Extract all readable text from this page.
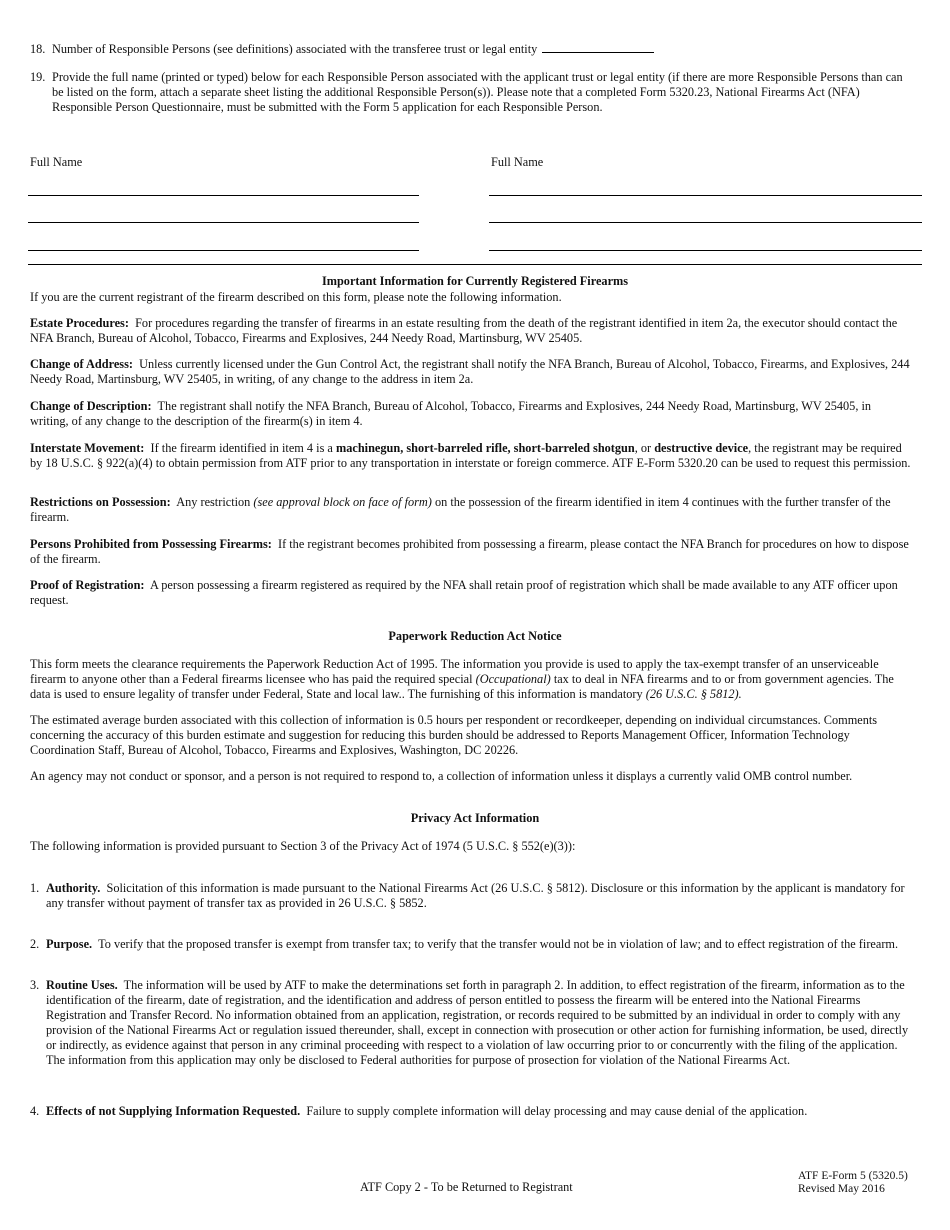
18. Number of Responsible Persons (see definitions) associated with the transferee trust or legal entity
19. Provide the full name (printed or typed) below for each Responsible Person associated with the applicant trust or legal entity (if there are more Responsible Persons than can be listed on the form, attach a separate sheet listing the additional Responsible Person(s)). Please note that a completed Form 5320.23, National Firearms Act (NFA) Responsible Person Questionnaire, must be submitted with the Form 5 application for each Responsible Person.
Full Name	Full Name
Important Information for Currently Registered Firearms
If you are the current registrant of the firearm described on this form, please note the following information.
Estate Procedures: For procedures regarding the transfer of firearms in an estate resulting from the death of the registrant identified in item 2a, the executor should contact the NFA Branch, Bureau of Alcohol, Tobacco, Firearms and Explosives, 244 Needy Road, Martinsburg, WV 25405.
Change of Address: Unless currently licensed under the Gun Control Act, the registrant shall notify the NFA Branch, Bureau of Alcohol, Tobacco, Firearms, and Explosives, 244 Needy Road, Martinsburg, WV 25405, in writing, of any change to the address in item 2a.
Change of Description: The registrant shall notify the NFA Branch, Bureau of Alcohol, Tobacco, Firearms and Explosives, 244 Needy Road, Martinsburg, WV 25405, in writing, of any change to the description of the firearm(s) in item 4.
Interstate Movement: If the firearm identified in item 4 is a machinegun, short-barreled rifle, short-barreled shotgun, or destructive device, the registrant may be required by 18 U.S.C. § 922(a)(4) to obtain permission from ATF prior to any transportation in interstate or foreign commerce. ATF E-Form 5320.20 can be used to request this permission.
Restrictions on Possession: Any restriction (see approval block on face of form) on the possession of the firearm identified in item 4 continues with the further transfer of the firearm.
Persons Prohibited from Possessing Firearms: If the registrant becomes prohibited from possessing a firearm, please contact the NFA Branch for procedures on how to dispose of the firearm.
Proof of Registration: A person possessing a firearm registered as required by the NFA shall retain proof of registration which shall be made available to any ATF officer upon request.
Paperwork Reduction Act Notice
This form meets the clearance requirements the Paperwork Reduction Act of 1995. The information you provide is used to apply the tax-exempt transfer of an unserviceable firearm to anyone other than a Federal firearms licensee who has paid the required special (Occupational) tax to deal in NFA firearms and to or from government agencies. The data is used to ensure legality of transfer under Federal, State and local law.. The furnishing of this information is mandatory (26 U.S.C. § 5812).
The estimated average burden associated with this collection of information is 0.5 hours per respondent or recordkeeper, depending on individual circumstances. Comments concerning the accuracy of this burden estimate and suggestion for reducing this burden should be addressed to Reports Management Officer, Information Technology Coordination Staff, Bureau of Alcohol, Tobacco, Firearms and Explosives, Washington, DC 20226.
An agency may not conduct or sponsor, and a person is not required to respond to, a collection of information unless it displays a currently valid OMB control number.
Privacy Act Information
The following information is provided pursuant to Section 3 of the Privacy Act of 1974 (5 U.S.C. § 552(e)(3)):
1. Authority. Solicitation of this information is made pursuant to the National Firearms Act (26 U.S.C. § 5812). Disclosure or this information by the applicant is mandatory for any transfer without payment of transfer tax as provided in 26 U.S.C. § 5852.
2. Purpose. To verify that the proposed transfer is exempt from transfer tax; to verify that the transfer would not be in violation of law; and to effect registration of the firearm.
3. Routine Uses. The information will be used by ATF to make the determinations set forth in paragraph 2. In addition, to effect registration of the firearm, information as to the identification of the firearm, date of registration, and the identification and address of person entitled to possess the firearm will be entered into the National Firearms Registration and Transfer Record. No information obtained from an application, registration, or records required to be submitted by an individual in order to comply with any provision of the National Firearms Act or regulation issued thereunder, shall, except in connection with prosecution or other action for furnishing information, be used, directly or indirectly, as evidence against that person in any criminal proceeding with respect to a violation of law occurring prior to or concurrently with the filing of the application. The information from this application may only be disclosed to Federal authorities for purpose of prosection for violation of the National Firearms Act.
4. Effects of not Supplying Information Requested. Failure to supply complete information will delay processing and may cause denial of the application.
ATF Copy 2 - To be Returned to Registrant
ATF E-Form 5 (5320.5)
Revised May 2016
